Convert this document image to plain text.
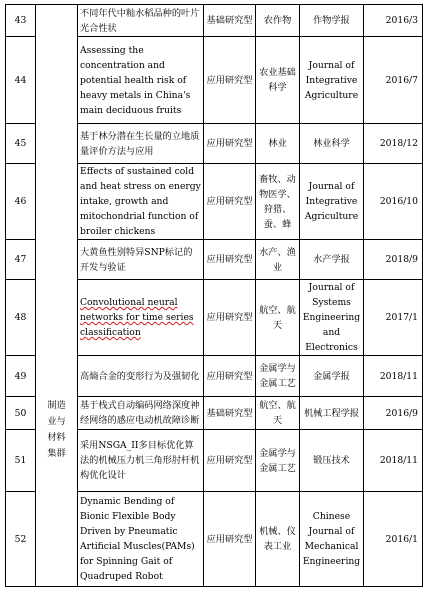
43	制造业与材料集群	不同年代中籼水稻品种的叶片光合性状	基础研究型	农作物	作物学报	2016/3
44		Assessing the concentration and potential health risk of heavy metals in China's main deciduous fruits	应用研究型	农业基础科学	Journal of Integrative Agriculture	2016/7
45		基于林分潜在生长量的立地质量评价方法与应用	应用研究型	林业	林业科学	2018/12
46		Effects of sustained cold and heat stress on energy intake, growth and mitochondrial function of broiler chickens	应用研究型	畜牧、动物医学、狩猎、蚕、蜂	Journal of Integrative Agriculture	2016/10
47		大黄鱼性别特异SNP标记的开发与验证	应用研究型	水产、渔业	水产学报	2018/9
48		Convolutional neural networks for time series classification	应用研究型	航空、航天	Journal of Systems Engineering and Electronics	2017/1
49		高熵合金的变形行为及强韧化	应用研究型	金属学与金属工艺	金属学报	2018/11
50		基于栈式自动编码网络深度神经网络的感应电动机故障诊断	基础研究型	航空、航天	机械工程学报	2016/9
51		采用NSGA_II多目标优化算法的机械压力机三角形肘杆机构优化设计	应用研究型	金属学与金属工艺	锻压技术	2018/11
52		Dynamic Bending of Bionic Flexible Body Driven by Pneumatic Artificial Muscles(PAMs) for Spinning Gait of Quadruped Robot	应用研究型	机械、仪表工业	Chinese Journal of Mechanical Engineering	2016/1
